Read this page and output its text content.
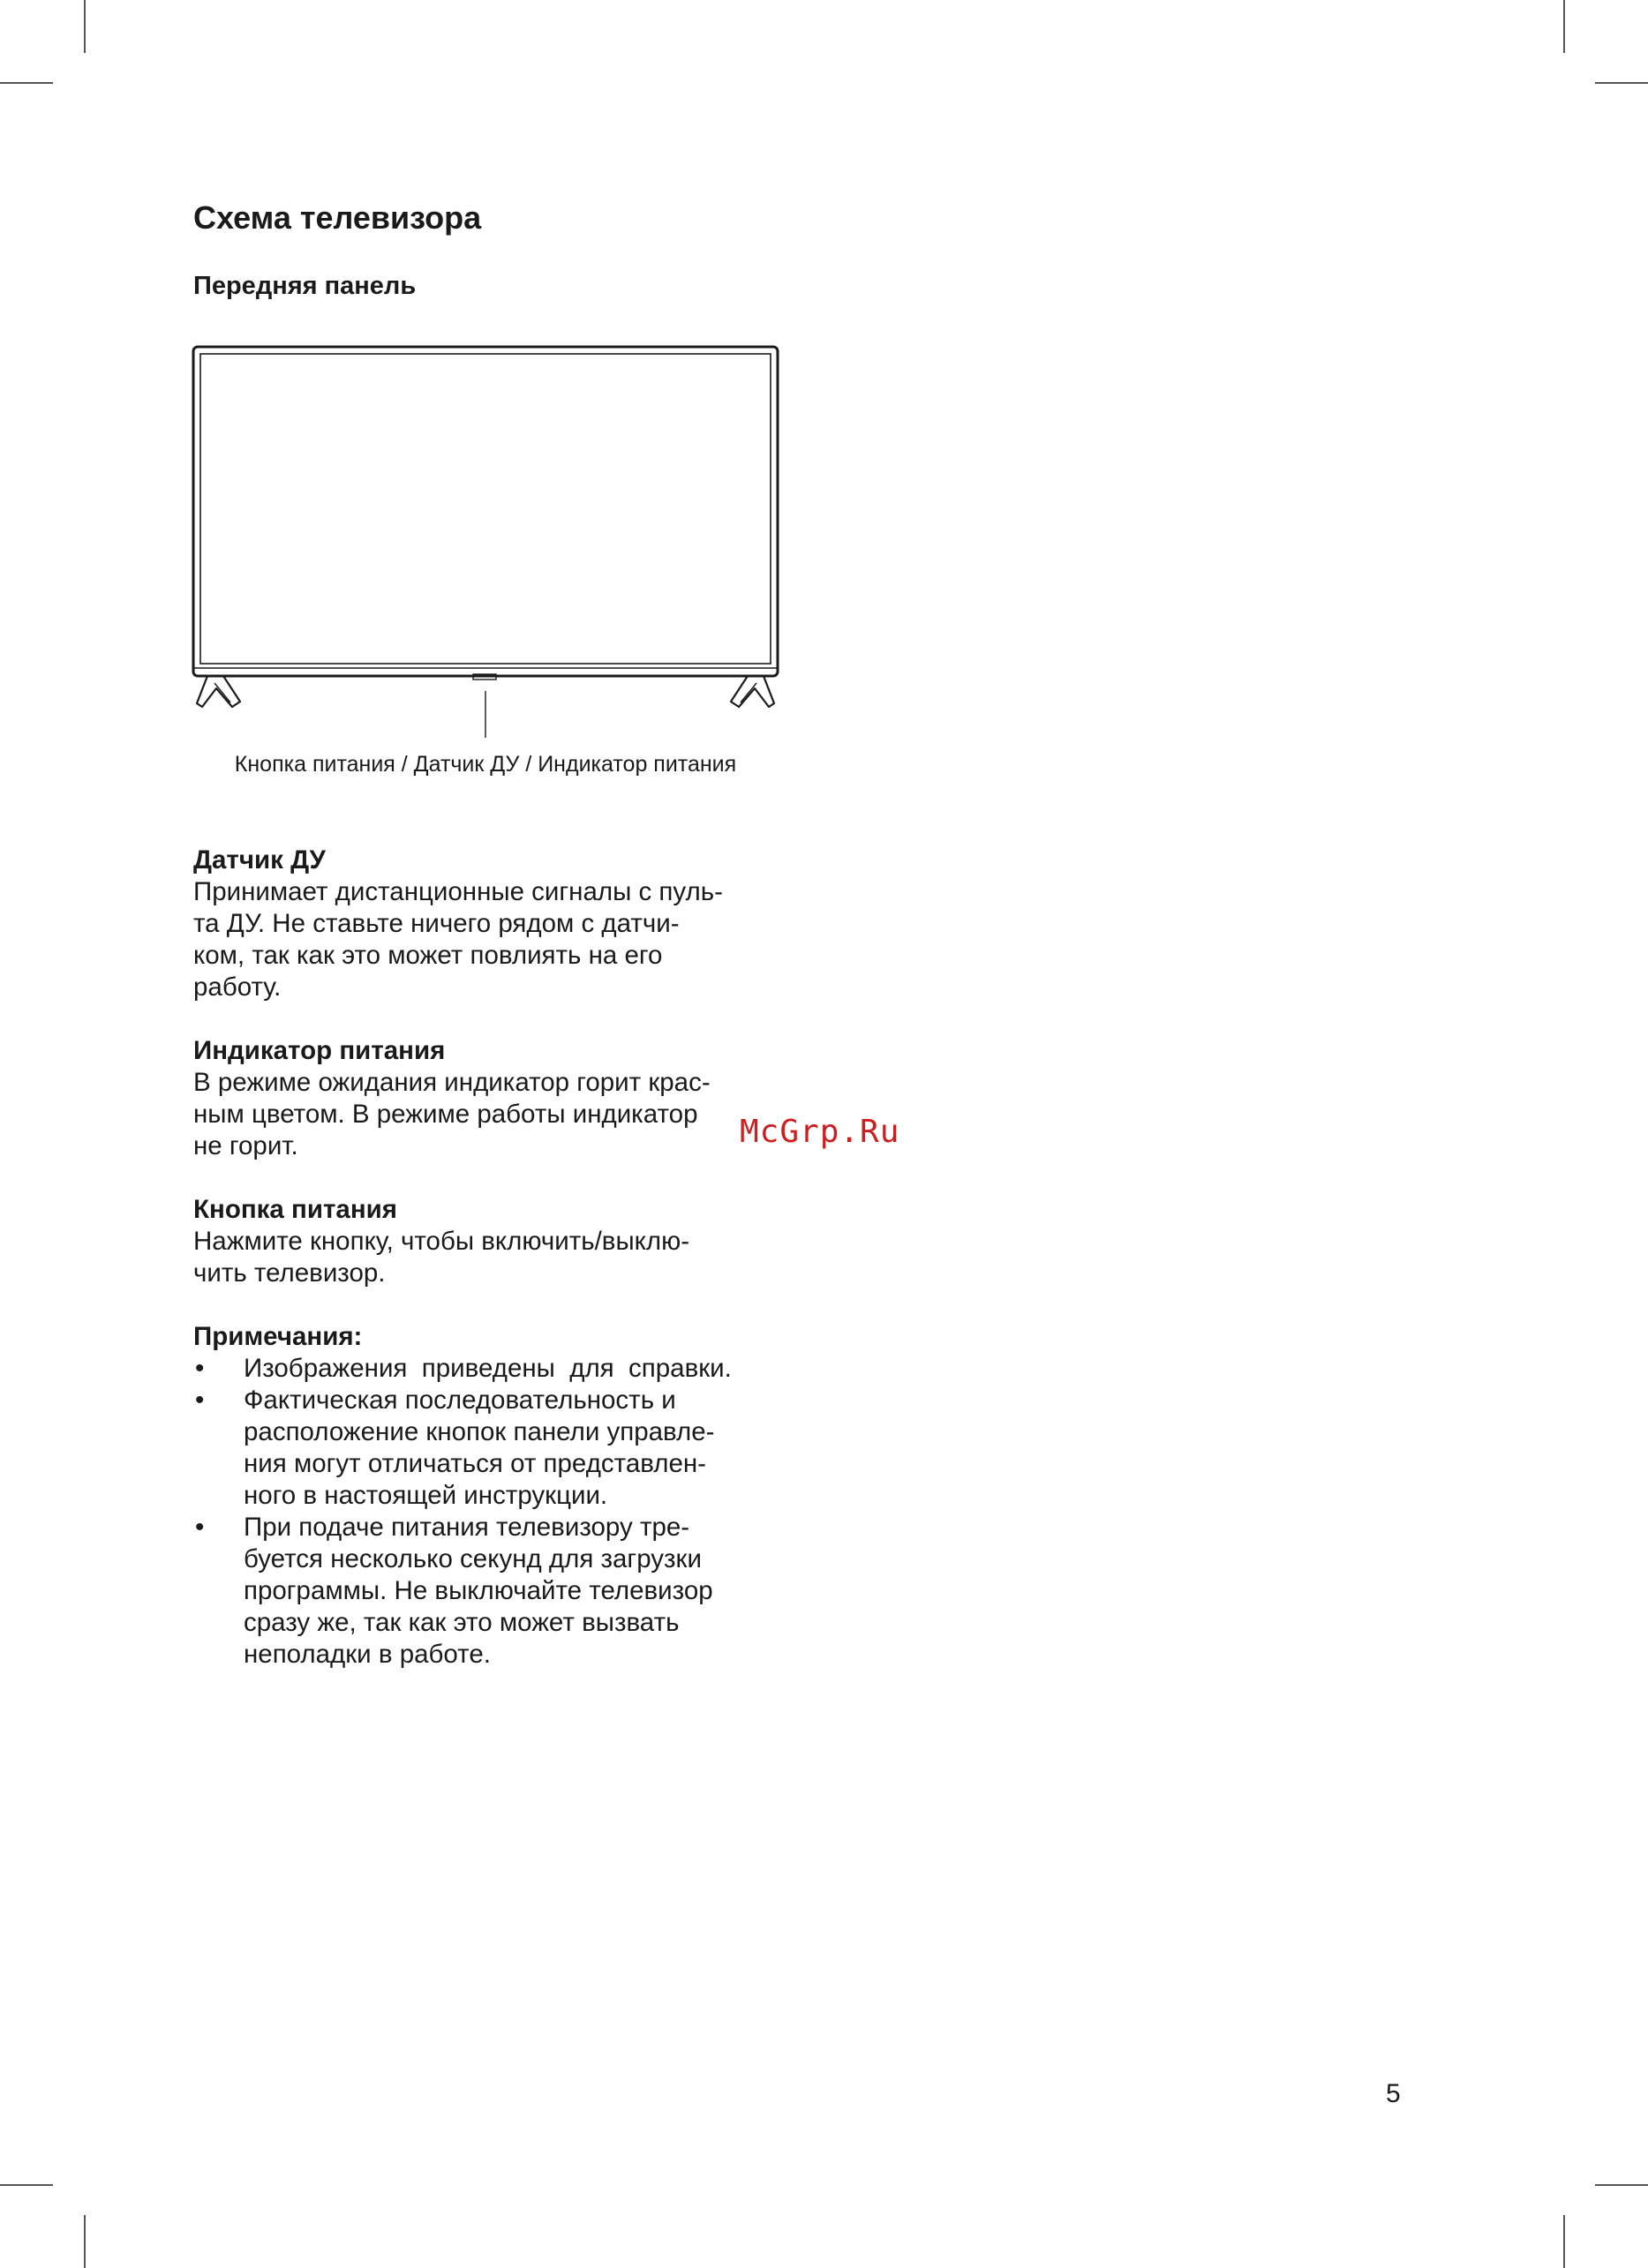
Схема телевизора
Передняя панель
Кнопка питания / Датчик ДУ / Индикатор питания
Датчик ДУ

Принимает дистанционные сигналы с пуль-

та ДУ. Не ставьте ничего рядом с датчи-

ком, так как это может повлиять на его

работу.

Индикатор питания

В режиме ожидания индикатор горит крас-

ным цветом. В режиме работы индикатор

не горит.

Кнопка питания

Нажмите кнопку, чтобы включить/выклю-

чить телевизор.

Примечания:
• Изображения  приведены  для  справки.
• Фактическая последовательность и
расположение кнопок панели управле-
ния могут отличаться от представлен-
ного в настоящей инструкции.
• При подаче питания телевизору тре-
буется несколько секунд для загрузки
программы. Не выключайте телевизор
сразу же, так как это может вызвать
неполадки в работе.
McGrp.Ru
5
